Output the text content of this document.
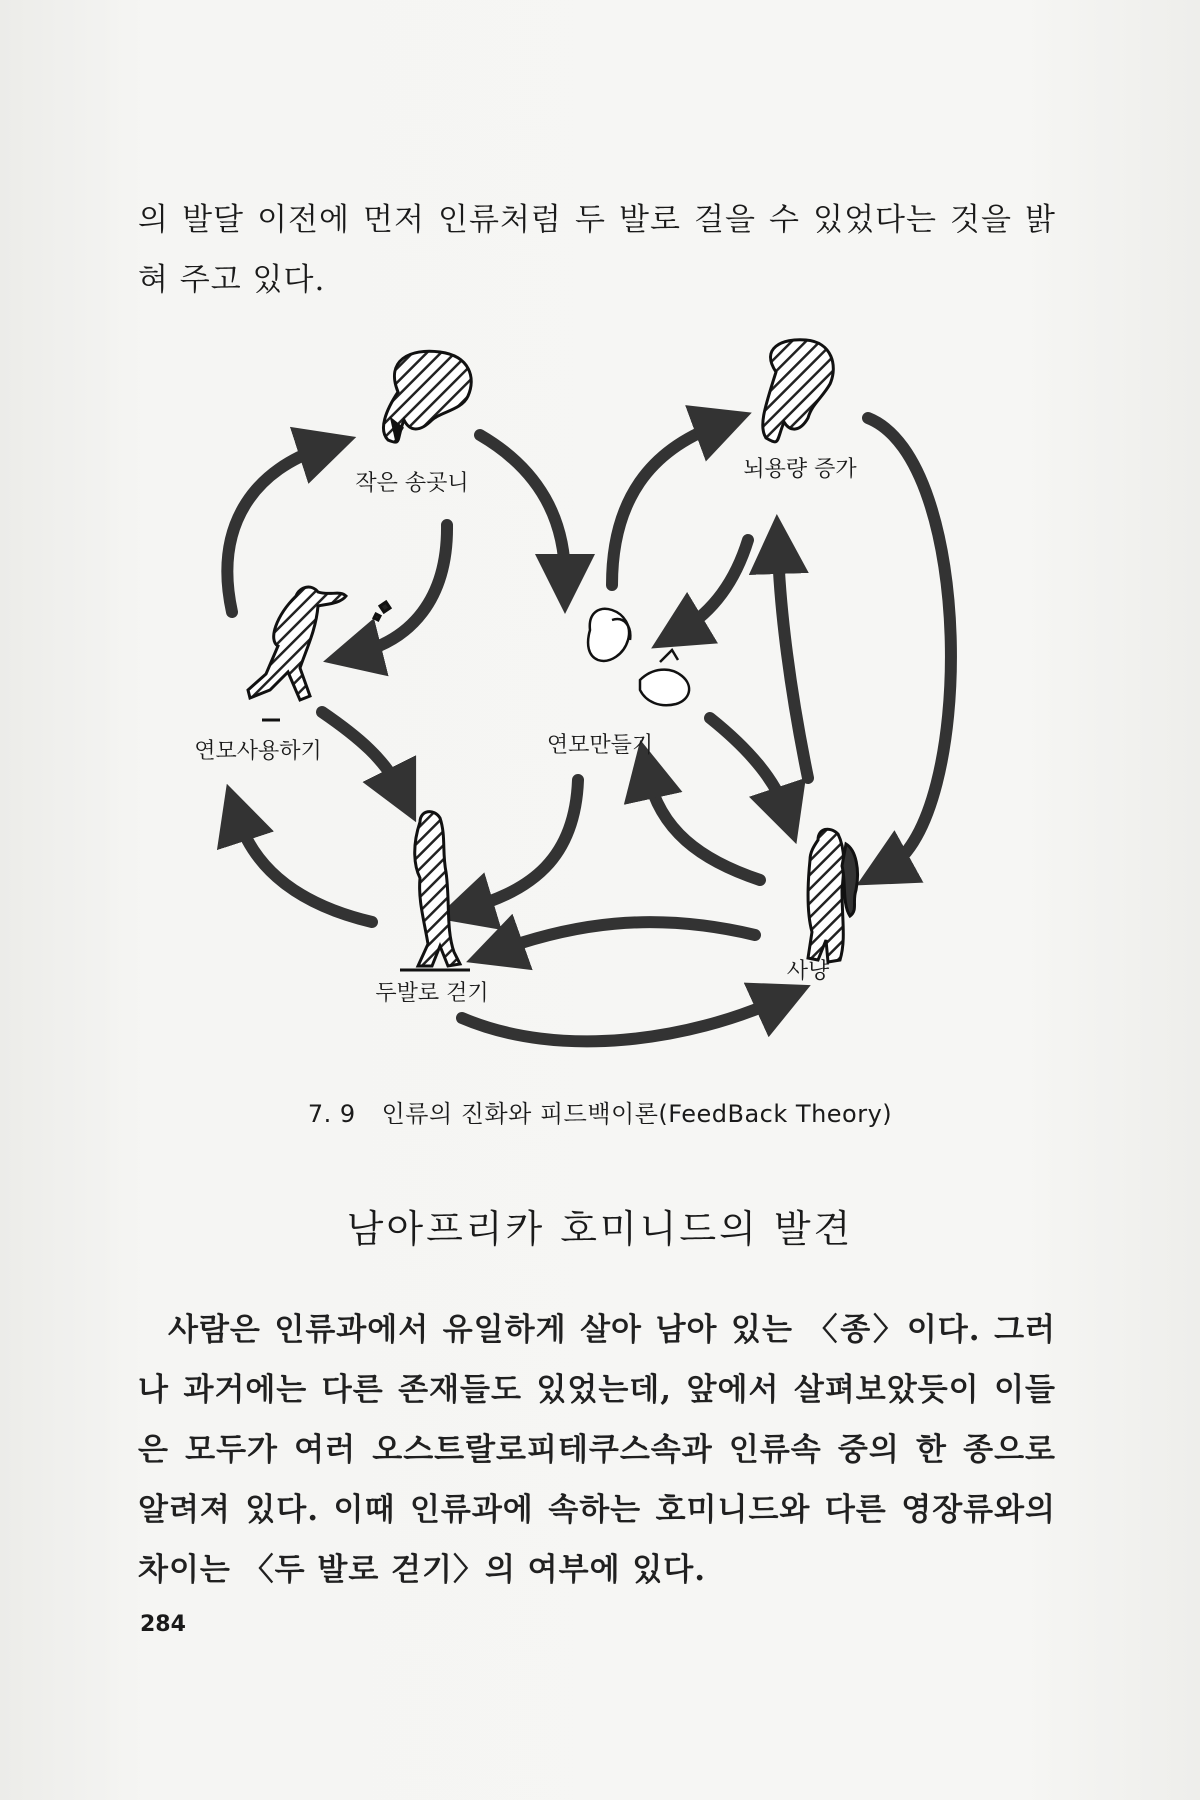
의 발달 이전에 먼저 인류처럼 두 발로 걸을 수 있었다는 것을 밝혀 주고 있다.

작은 송곳니
뇌용량 증가
연모사용하기	연모만들기
두발로 걷기
사냥
7. 9 인류의 진화와 피드백이론(FeedBack Theory)
남아프리카 호미니드의 발견

사람은 인류과에서 유일하게 살아 남아 있는 〈종〉이다. 그러나 과거에는 다른 존재들도 있었는데, 앞에서 살펴보았듯이 이들은 모두가 여러 오스트랄로피테쿠스속과 인류속 중의 한 종으로 알려져 있다. 이때 인류과에 속하는 호미니드와 다른 영장류와의 차이는 〈두 발로 걷기〉의 여부에 있다.

284
